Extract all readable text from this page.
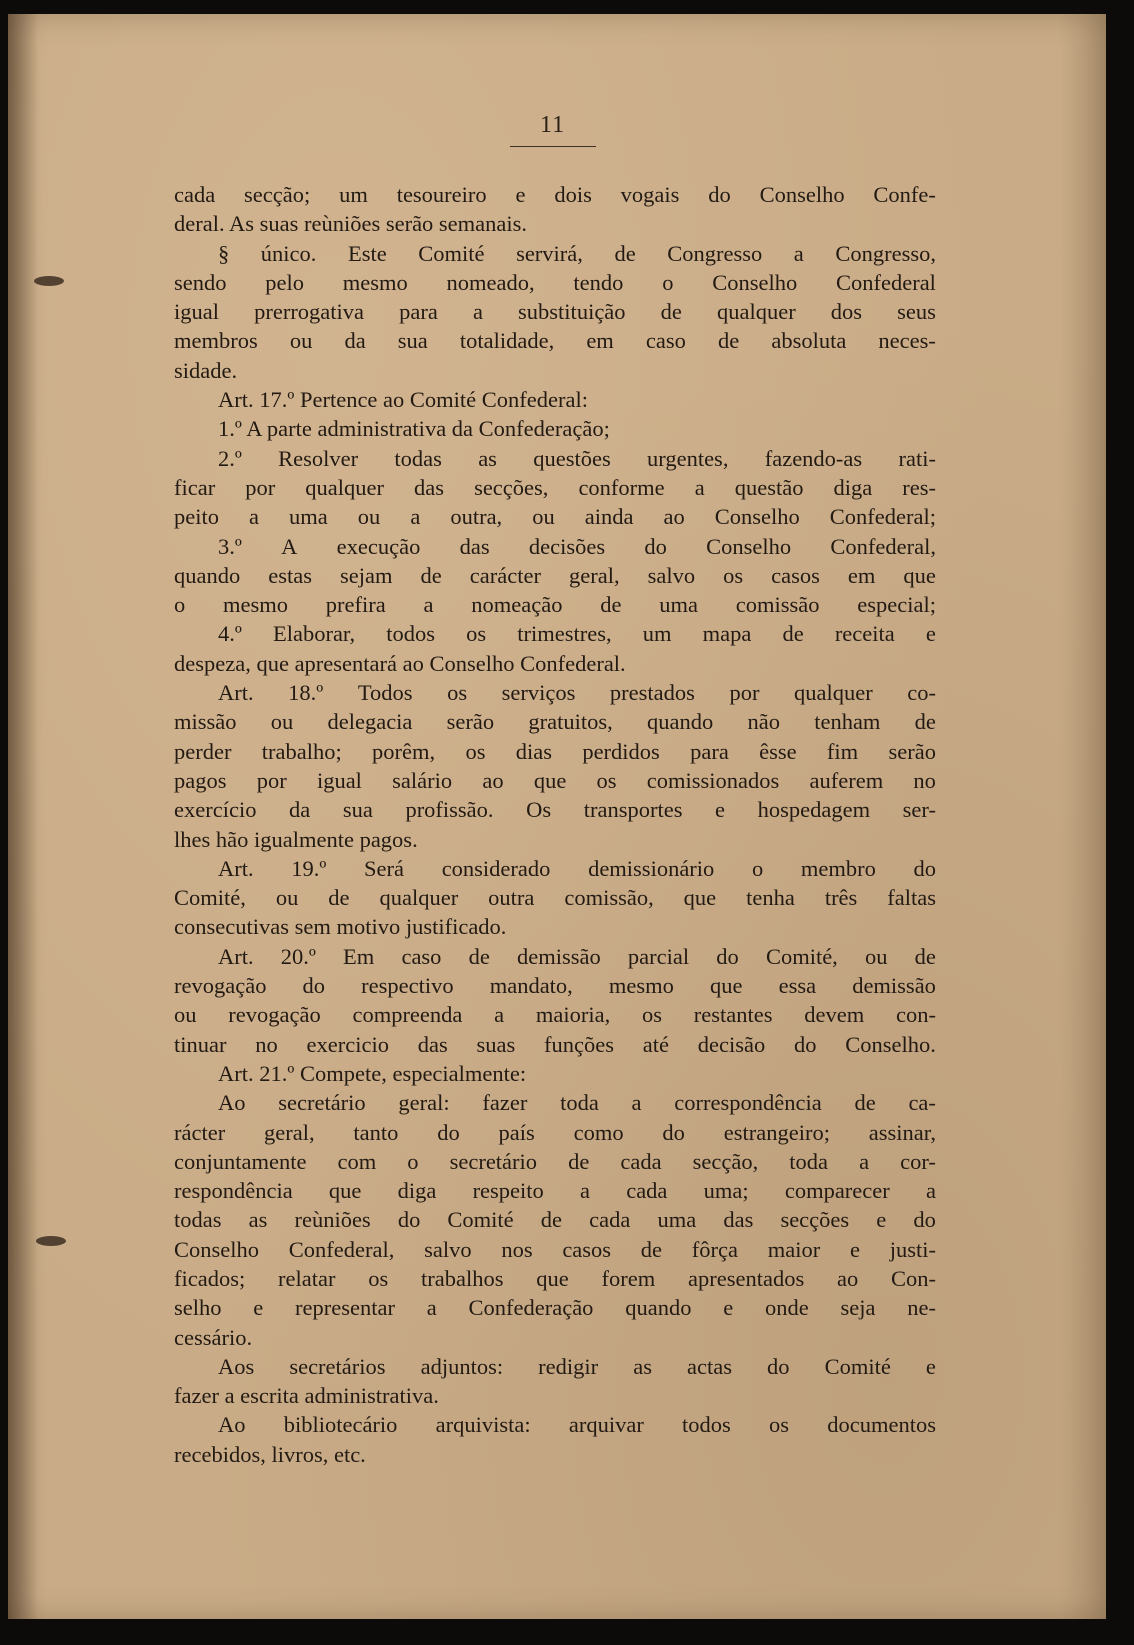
11
cada secção; um tesoureiro e dois vogais do Conselho Confe-
deral. As suas reùniões serão semanais.
§ único. Este Comité servirá, de Congresso a Congresso,
sendo pelo mesmo nomeado, tendo o Conselho Confederal
igual prerrogativa para a substituição de qualquer dos seus
membros ou da sua totalidade, em caso de absoluta neces-
sidade.
Art. 17.º Pertence ao Comité Confederal:
1.º A parte administrativa da Confederação;
2.º Resolver todas as questões urgentes, fazendo-as rati-
ficar por qualquer das secções, conforme a questão diga res-
peito a uma ou a outra, ou ainda ao Conselho Confederal;
3.º A execução das decisões do Conselho Confederal,
quando estas sejam de carácter geral, salvo os casos em que
o mesmo prefira a nomeação de uma comissão especial;
4.º Elaborar, todos os trimestres, um mapa de receita e
despeza, que apresentará ao Conselho Confederal.
Art. 18.º Todos os serviços prestados por qualquer co-
missão ou delegacia serão gratuitos, quando não tenham de
perder trabalho; porêm, os dias perdidos para êsse fim serão
pagos por igual salário ao que os comissionados auferem no
exercício da sua profissão. Os transportes e hospedagem ser-
lhes hão igualmente pagos.
Art. 19.º Será considerado demissionário o membro do
Comité, ou de qualquer outra comissão, que tenha três faltas
consecutivas sem motivo justificado.
Art. 20.º Em caso de demissão parcial do Comité, ou de
revogação do respectivo mandato, mesmo que essa demissão
ou revogação compreenda a maioria, os restantes devem con-
tinuar no exercicio das suas funções até decisão do Conselho.
Art. 21.º Compete, especialmente:
Ao secretário geral: fazer toda a correspondência de ca-
rácter geral, tanto do país como do estrangeiro; assinar,
conjuntamente com o secretário de cada secção, toda a cor-
respondência que diga respeito a cada uma; comparecer a
todas as reùniões do Comité de cada uma das secções e do
Conselho Confederal, salvo nos casos de fôrça maior e justi-
ficados; relatar os trabalhos que forem apresentados ao Con-
selho e representar a Confederação quando e onde seja ne-
cessário.
Aos secretários adjuntos: redigir as actas do Comité e
fazer a escrita administrativa.
Ao bibliotecário arquivista: arquivar todos os documentos
recebidos, livros, etc.
